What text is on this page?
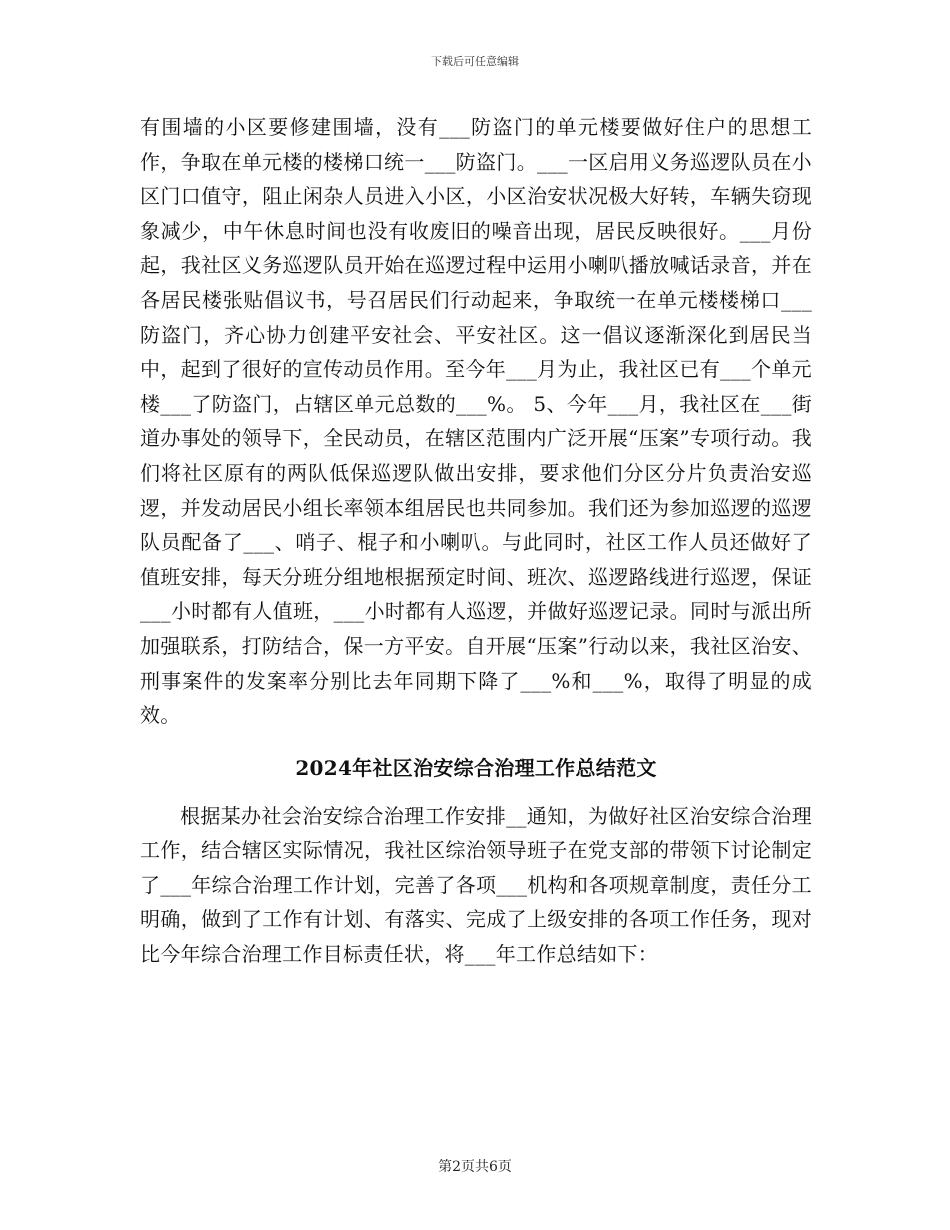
下载后可任意编辑

有围墙的小区要修建围墙，没有___防盗门的单元楼要做好住户的思想工作，争取在单元楼的楼梯口统一___防盗门。___一区启用义务巡逻队员在小区门口值守，阻止闲杂人员进入小区，小区治安状况极大好转，车辆失窃现象减少，中午休息时间也没有收废旧的噪音出现，居民反映很好。___月份起，我社区义务巡逻队员开始在巡逻过程中运用小喇叭播放喊话录音，并在各居民楼张贴倡议书，号召居民们行动起来，争取统一在单元楼楼梯口___防盗门，齐心协力创建平安社会、平安社区。这一倡议逐渐深化到居民当中，起到了很好的宣传动员作用。至今年___月为止，我社区已有___个单元楼___了防盗门，占辖区单元总数的___%。 5、今年___月，我社区在___街道办事处的领导下，全民动员，在辖区范围内广泛开展“压案”专项行动。我们将社区原有的两队低保巡逻队做出安排，要求他们分区分片负责治安巡逻，并发动居民小组长率领本组居民也共同参加。我们还为参加巡逻的巡逻队员配备了___、哨子、棍子和小喇叭。与此同时，社区工作人员还做好了值班安排，每天分班分组地根据预定时间、班次、巡逻路线进行巡逻，保证___小时都有人值班，___小时都有人巡逻，并做好巡逻记录。同时与派出所加强联系，打防结合，保一方平安。自开展“压案”行动以来，我社区治安、刑事案件的发案率分别比去年同期下降了___%和___%，取得了明显的成效。

2024年社区治安综合治理工作总结范文

根据某办社会治安综合治理工作安排__通知，为做好社区治安综合治理工作，结合辖区实际情况，我社区综治领导班子在党支部的带领下讨论制定了___年综合治理工作计划，完善了各项___机构和各项规章制度，责任分工明确，做到了工作有计划、有落实、完成了上级安排的各项工作任务，现对比今年综合治理工作目标责任状，将___年工作总结如下：

第2页共6页
